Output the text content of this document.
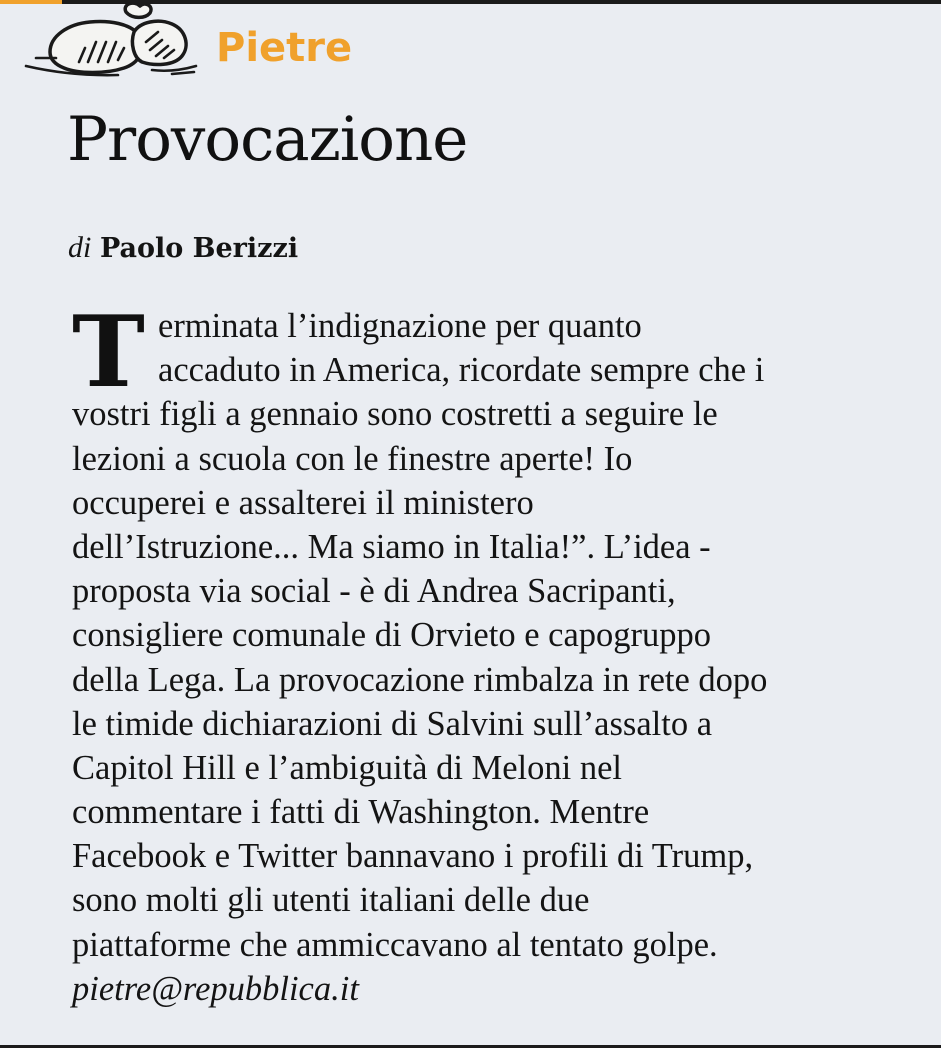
Pietre
Provocazione
di Paolo Berizzi
T erminata l’indignazione per quanto
accaduto in America, ricordate sempre che i
vostri figli a gennaio sono costretti a seguire le
lezioni a scuola con le finestre aperte! Io
occuperei e assalterei il ministero
dell’Istruzione... Ma siamo in Italia!”. L’idea -
proposta via social - è di Andrea Sacripanti,
consigliere comunale di Orvieto e capogruppo
della Lega. La provocazione rimbalza in rete dopo
le timide dichiarazioni di Salvini sull’assalto a
Capitol Hill e l’ambiguità di Meloni nel
commentare i fatti di Washington. Mentre
Facebook e Twitter bannavano i profili di Trump,
sono molti gli utenti italiani delle due
piattaforme che ammiccavano al tentato golpe.
pietre@repubblica.it
